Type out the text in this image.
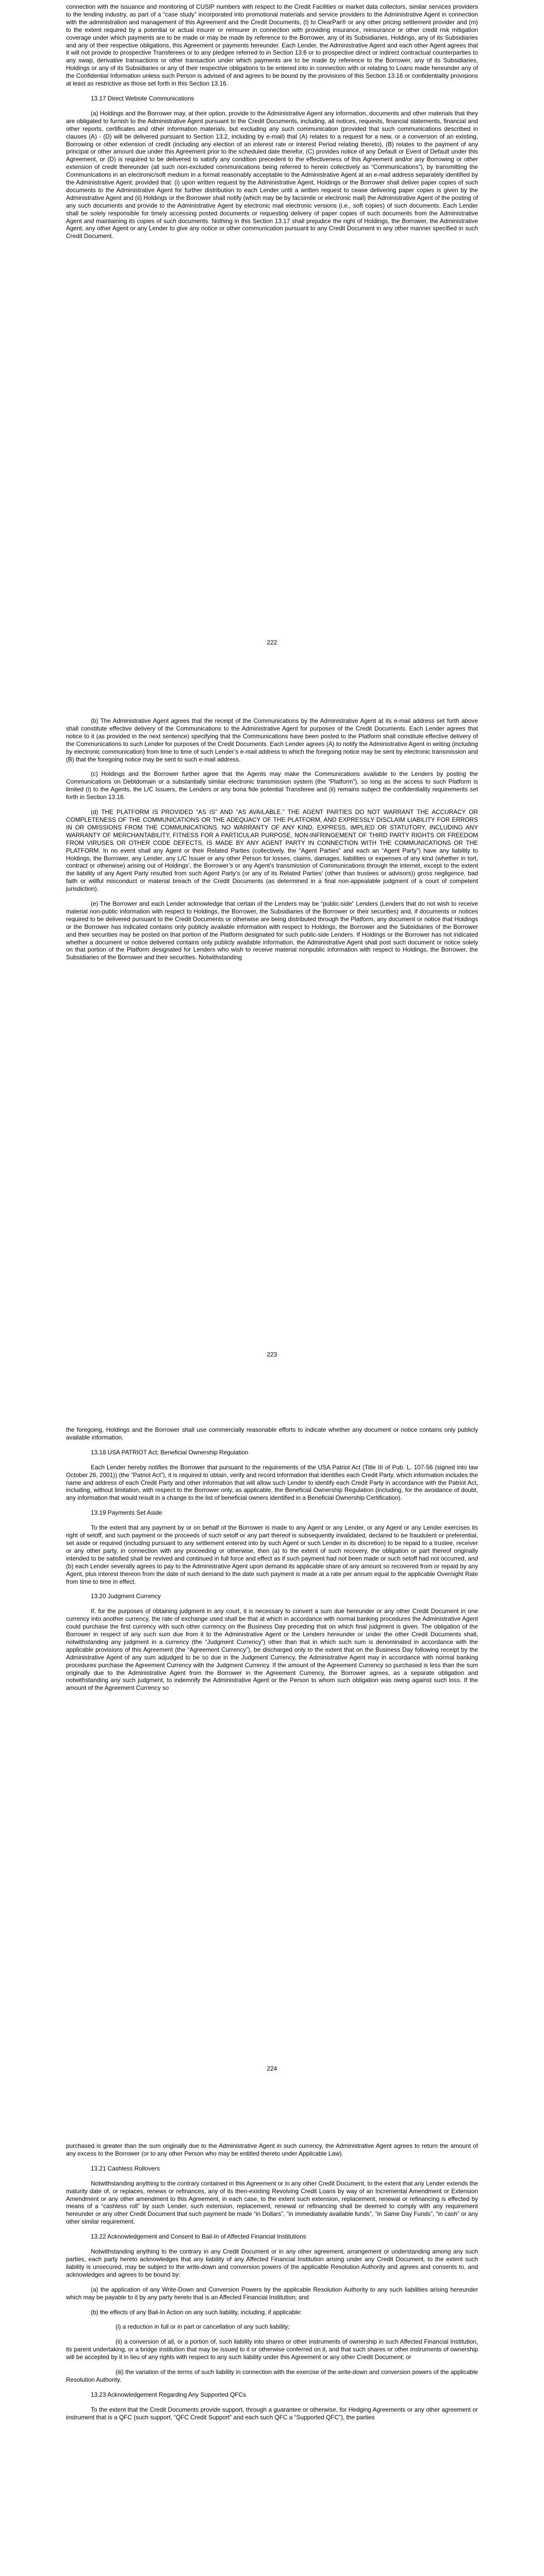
connection with the issuance and monitoring of CUSIP numbers with respect to the Credit Facilities or market data collectors, similar services providers to the lending industry, as part of a “case study” incorporated into promotional materials and service providers to the Administrative Agent in connection with the administration and management of this Agreement and the Credit Documents, (l) to ClearPar® or any other pricing settlement provider and (m) to the extent required by a potential or actual insurer or reinsurer in connection with providing insurance, reinsurance or other credit risk mitigation coverage under which payments are to be made or may be made by reference to the Borrower, any of its Subsidiaries, Holdings, any of its Subsidiaries and any of their respective obligations, this Agreement or payments hereunder. Each Lender, the Administrative Agent and each other Agent agrees that it will not provide to prospective Transferees or to any pledgee referred to in Section 13.6 or to prospective direct or indirect contractual counterparties to any swap, derivative transactions or other transaction under which payments are to be made by reference to the Borrower, any of its Subsidiaries, Holdings or any of its Subsidiaries or any of their respective obligations to be entered into in connection with or relating to Loans made hereunder any of the Confidential Information unless such Person is advised of and agrees to be bound by the provisions of this Section 13.16 or confidentiality provisions at least as restrictive as those set forth in this Section 13.16.

13.17 Direct Website Communications

(a) Holdings and the Borrower may, at their option, provide to the Administrative Agent any information, documents and other materials that they are obligated to furnish to the Administrative Agent pursuant to the Credit Documents, including, all notices, requests, financial statements, financial and other reports, certificates and other information materials, but excluding any such communication (provided that such communications described in clauses (A) - (D) will be delivered pursuant to Section 13.2, including by e-mail) that (A) relates to a request for a new, or a conversion of an existing, Borrowing or other extension of credit (including any election of an interest rate or interest Period relating thereto), (B) relates to the payment of any principal or other amount due under this Agreement prior to the scheduled date therefor, (C) provides notice of any Default or Event of Default under this Agreement, or (D) is required to be delivered to satisfy any condition precedent to the effectiveness of this Agreement and/or any Borrowing or other extension of credit thereunder (all such non-excluded communications being referred to herein collectively as “Communications”), by transmitting the Communications in an electronic/soft medium in a format reasonably acceptable to the Administrative Agent at an e-mail address separately identified by the Administrative Agent; provided that: (i) upon written request by the Administrative Agent, Holdings or the Borrower shall deliver paper copies of such documents to the Administrative Agent for further distribution to each Lender until a written request to cease delivering paper copies is given by the Administrative Agent and (ii) Holdings or the Borrower shall notify (which may be by facsimile or electronic mail) the Administrative Agent of the posting of any such documents and provide to the Administrative Agent by electronic mail electronic versions (i.e., soft copies) of such documents. Each Lender shall be solely responsible for timely accessing posted documents or requesting delivery of paper copies of such documents from the Administrative Agent and maintaining its copies of such documents. Nothing in this Section 13.17 shall prejudice the right of Holdings, the Borrower, the Administrative Agent, any other Agent or any Lender to give any notice or other communication pursuant to any Credit Document in any other manner specified in such Credit Document.

222

(b) The Administrative Agent agrees that the receipt of the Communications by the Administrative Agent at its e-mail address set forth above shall constitute effective delivery of the Communications to the Administrative Agent for purposes of the Credit Documents. Each Lender agrees that notice to it (as provided in the next sentence) specifying that the Communications have been posted to the Platform shall constitute effective delivery of the Communications to such Lender for purposes of the Credit Documents. Each Lender agrees (A) to notify the Administrative Agent in writing (including by electronic communication) from time to time of such Lender’s e-mail address to which the foregoing notice may be sent by electronic transmission and (B) that the foregoing notice may be sent to such e-mail address.

(c) Holdings and the Borrower further agree that the Agents may make the Communications available to the Lenders by posting the Communications on Debtdomain or a substantially similar electronic transmission system (the “Platform”), so long as the access to such Platform is limited (i) to the Agents, the L/C Issuers, the Lenders or any bona fide potential Transferee and (ii) remains subject the confidentiality requirements set forth in Section 13.16.

(d) THE PLATFORM IS PROVIDED “AS IS” AND “AS AVAILABLE.” THE AGENT PARTIES DO NOT WARRANT THE ACCURACY OR COMPLETENESS OF THE COMMUNICATIONS OR THE ADEQUACY OF THE PLATFORM, AND EXPRESSLY DISCLAIM LIABILITY FOR ERRORS IN OR OMISSIONS FROM THE COMMUNICATIONS. NO WARRANTY OF ANY KIND, EXPRESS, IMPLIED OR STATUTORY, INCLUDING ANY WARRANTY OF MERCHANTABILITY, FITNESS FOR A PARTICULAR PURPOSE, NON-INFRINGEMENT OF THIRD PARTY RIGHTS OR FREEDOM FROM VIRUSES OR OTHER CODE DEFECTS, IS MADE BY ANY AGENT PARTY IN CONNECTION WITH THE COMMUNICATIONS OR THE PLATFORM. In no event shall any Agent or their Related Parties (collectively, the “Agent Parties” and each an “Agent Party”) have any liability to Holdings, the Borrower, any Lender, any L/C Issuer or any other Person for losses, claims, damages, liabilities or expenses of any kind (whether in tort, contract or otherwise) arising out of Holdings’, the Borrower’s or any Agent’s transmission of Communications through the internet, except to the extent the liability of any Agent Party resulted from such Agent Party’s (or any of its Related Parties’ (other than trustees or advisors)) gross negligence, bad faith or willful misconduct or material breach of the Credit Documents (as determined in a final non-appealable judgment of a court of competent jurisdiction).

(e) The Borrower and each Lender acknowledge that certain of the Lenders may be “public-side” Lenders (Lenders that do not wish to receive material non-public information with respect to Holdings, the Borrower, the Subsidiaries of the Borrower or their securities) and, if documents or notices required to be delivered pursuant to the Credit Documents or otherwise are being distributed through the Platform, any document or notice that Holdings or the Borrower has indicated contains only publicly available information with respect to Holdings, the Borrower and the Subsidiaries of the Borrower and their securities may be posted on that portion of the Platform designated for such public-side Lenders. If Holdings or the Borrower has not indicated whether a document or notice delivered contains only publicly available information, the Administrative Agent shall post such document or notice solely on that portion of the Platform designated for Lenders who wish to receive material nonpublic information with respect to Holdings, the Borrower, the Subsidiaries of the Borrower and their securities. Notwithstanding

223

the foregoing, Holdings and the Borrower shall use commercially reasonable efforts to indicate whether any document or notice contains only publicly available information.

13.18 USA PATRIOT Act; Beneficial Ownership Regulation

Each Lender hereby notifies the Borrower that pursuant to the requirements of the USA Patriot Act (Title III of Pub. L. 107-56 (signed into law October 26, 2001)) (the “Patriot Act”), it is required to obtain, verify and record information that identifies each Credit Party, which information includes the name and address of each Credit Party and other information that will allow such Lender to identify each Credit Party in accordance with the Patriot Act, including, without limitation, with respect to the Borrower only, as applicable, the Beneficial Ownership Regulation (including, for the avoidance of doubt, any information that would result in a change to the list of beneficial owners identified in a Beneficial Ownership Certification).

13.19 Payments Set Aside

To the extent that any payment by or on behalf of the Borrower is made to any Agent or any Lender, or any Agent or any Lender exercises its right of setoff, and such payment or the proceeds of such setoff or any part thereof is subsequently invalidated, declared to be fraudulent or preferential, set aside or required (including pursuant to any settlement entered into by such Agent or such Lender in its discretion) to be repaid to a trustee, receiver or any other party, in connection with any proceeding or otherwise, then (a) to the extent of such recovery, the obligation or part thereof originally intended to be satisfied shall be revived and continued in full force and effect as if such payment had not been made or such setoff had not occurred, and (b) each Lender severally agrees to pay to the Administrative Agent upon demand its applicable share of any amount so recovered from or repaid by any Agent, plus interest thereon from the date of such demand to the date such payment is made at a rate per annum equal to the applicable Overnight Rate from time to time in effect.

13.20 Judgment Currency

If, for the purposes of obtaining judgment in any court, it is necessary to convert a sum due hereunder or any other Credit Document in one currency into another currency, the rate of exchange used shall be that at which in accordance with normal banking procedures the Administrative Agent could purchase the first currency with such other currency on the Business Day preceding that on which final judgment is given. The obligation of the Borrower in respect of any such sum due from it to the Administrative Agent or the Lenders hereunder or under the other Credit Documents shall, notwithstanding any judgment in a currency (the “Judgment Currency”) other than that in which such sum is denominated in accordance with the applicable provisions of this Agreement (the “Agreement Currency”), be discharged only to the extent that on the Business Day following receipt by the Administrative Agent of any sum adjudged to be so due in the Judgment Currency, the Administrative Agent may in accordance with normal banking procedures purchase the Agreement Currency with the Judgment Currency. If the amount of the Agreement Currency so purchased is less than the sum originally due to the Administrative Agent from the Borrower in the Agreement Currency, the Borrower agrees, as a separate obligation and notwithstanding any such judgment, to indemnify the Administrative Agent or the Person to whom such obligation was owing against such loss. If the amount of the Agreement Currency so

224

purchased is greater than the sum originally due to the Administrative Agent in such currency, the Administrative Agent agrees to return the amount of any excess to the Borrower (or to any other Person who may be entitled thereto under Applicable Law).

13.21 Cashless Rollovers

Notwithstanding anything to the contrary contained in this Agreement or in any other Credit Document, to the extent that any Lender extends the maturity date of, or replaces, renews or refinances, any of its then-existing Revolving Credit Loans by way of an Incremental Amendment or Extension Amendment or any other amendment to this Agreement, in each case, to the extent such extension, replacement, renewal or refinancing is effected by means of a “cashless roll” by such Lender, such extension, replacement, renewal or refinancing shall be deemed to comply with any requirement hereunder or any other Credit Document that such payment be made “in Dollars”, “in immediately available funds”, “in Same Day Funds”, “in cash” or any other similar requirement.

13.22 Acknowledgement and Consent to Bail-In of Affected Financial Institutions

Notwithstanding anything to the contrary in any Credit Document or in any other agreement, arrangement or understanding among any such parties, each party hereto acknowledges that any liability of any Affected Financial Institution arising under any Credit Document, to the extent such liability is unsecured, may be subject to the write-down and conversion powers of the applicable Resolution Authority and agrees and consents to, and acknowledges and agrees to be bound by:

(a) the application of any Write-Down and Conversion Powers by the applicable Resolution Authority to any such liabilities arising hereunder which may be payable to it by any party hereto that is an Affected Financial Institution; and

(b) the effects of any Bail-In Action on any such liability, including, if applicable:

(i) a reduction in full or in part or cancellation of any such liability;

(ii) a conversion of all, or a portion of, such liability into shares or other instruments of ownership in such Affected Financial Institution, its parent undertaking, or a bridge institution that may be issued to it or otherwise conferred on it, and that such shares or other instruments of ownership will be accepted by it in lieu of any rights with respect to any such liability under this Agreement or any other Credit Document; or

(iii) the variation of the terms of such liability in connection with the exercise of the write-down and conversion powers of the applicable Resolution Authority.

13.23 Acknowledgement Regarding Any Supported QFCs

To the extent that the Credit Documents provide support, through a guarantee or otherwise, for Hedging Agreements or any other agreement or instrument that is a QFC (such support, “QFC Credit Support” and each such QFC a “Supported QFC”), the parties
